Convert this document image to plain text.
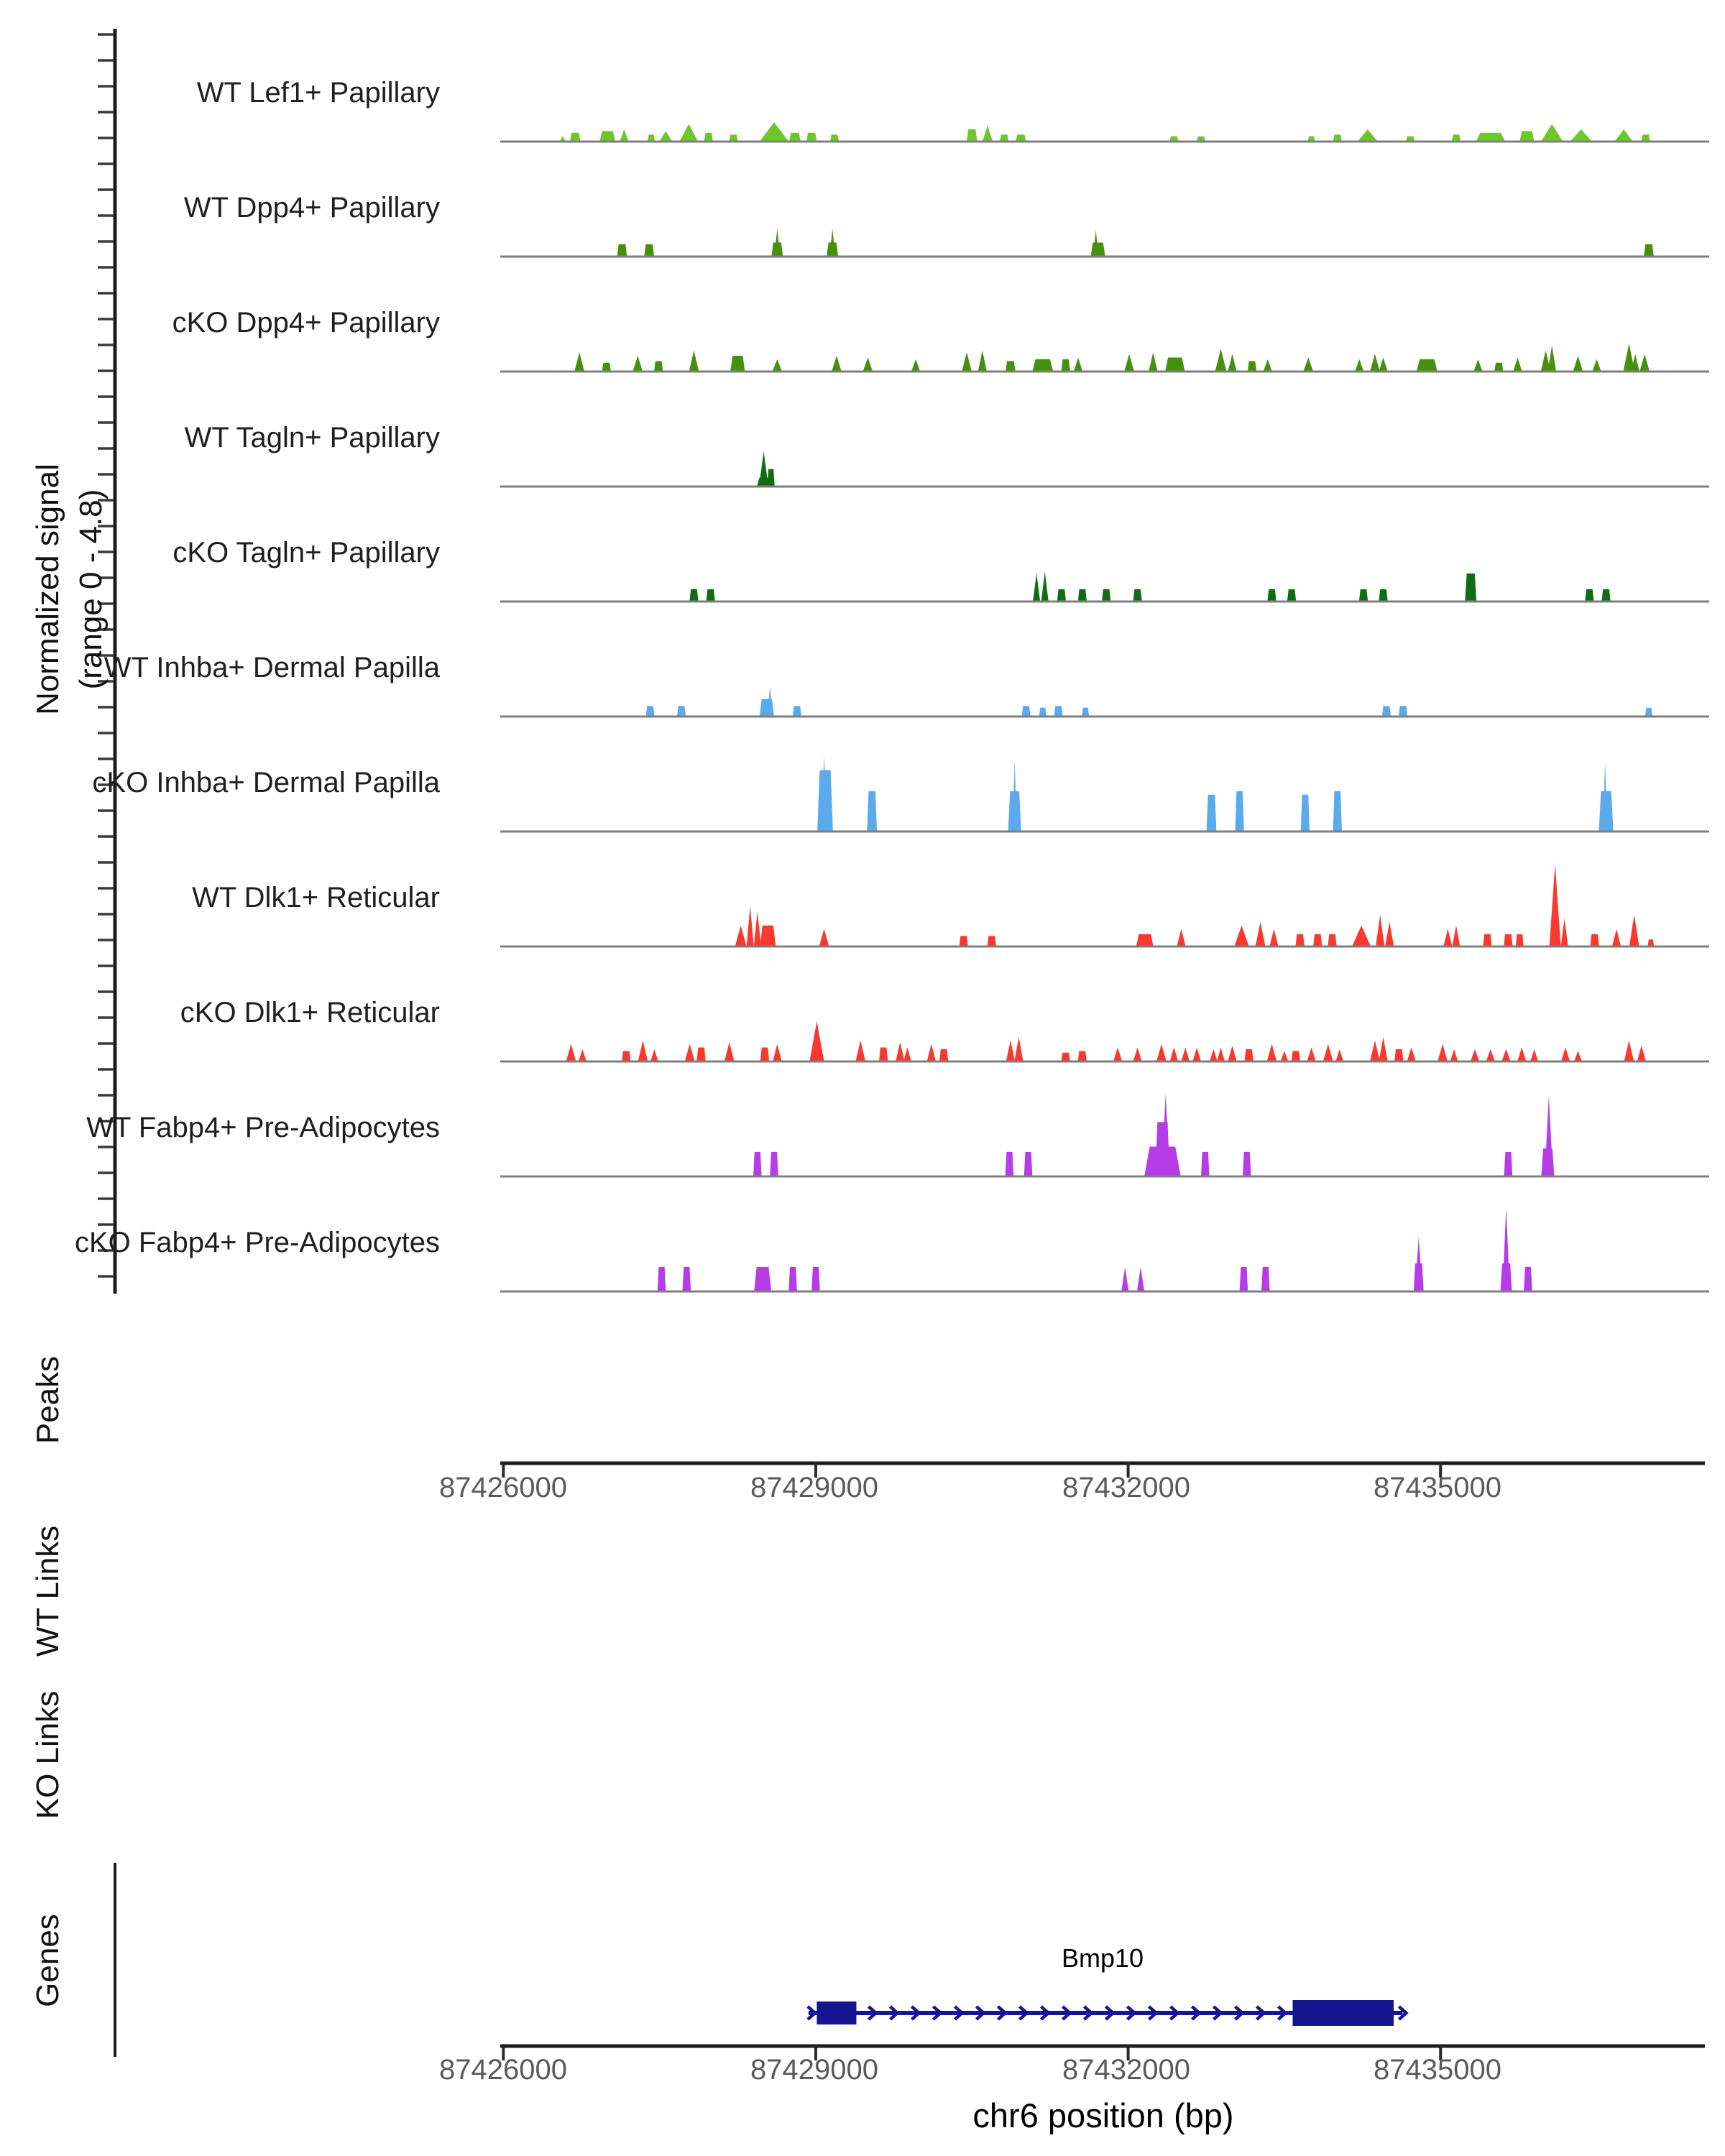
Normalized signal (range 0 - 4.8)
Peaks
WT Links
KO Links
Genes
WT Lef1+ Papillary
WT Dpp4+ Papillary
cKO Dpp4+ Papillary
WT Tagln+ Papillary
cKO Tagln+ Papillary
WT Inhba+ Dermal Papilla
cKO Inhba+ Dermal Papilla
WT Dlk1+ Reticular
cKO Dlk1+ Reticular
WT Fabp4+ Pre-Adipocytes
cKO Fabp4+ Pre-Adipocytes
87426000	87429000	87432000	87435000
87426000	87429000	87432000	87435000
chr6 position (bp)
Bmp10
